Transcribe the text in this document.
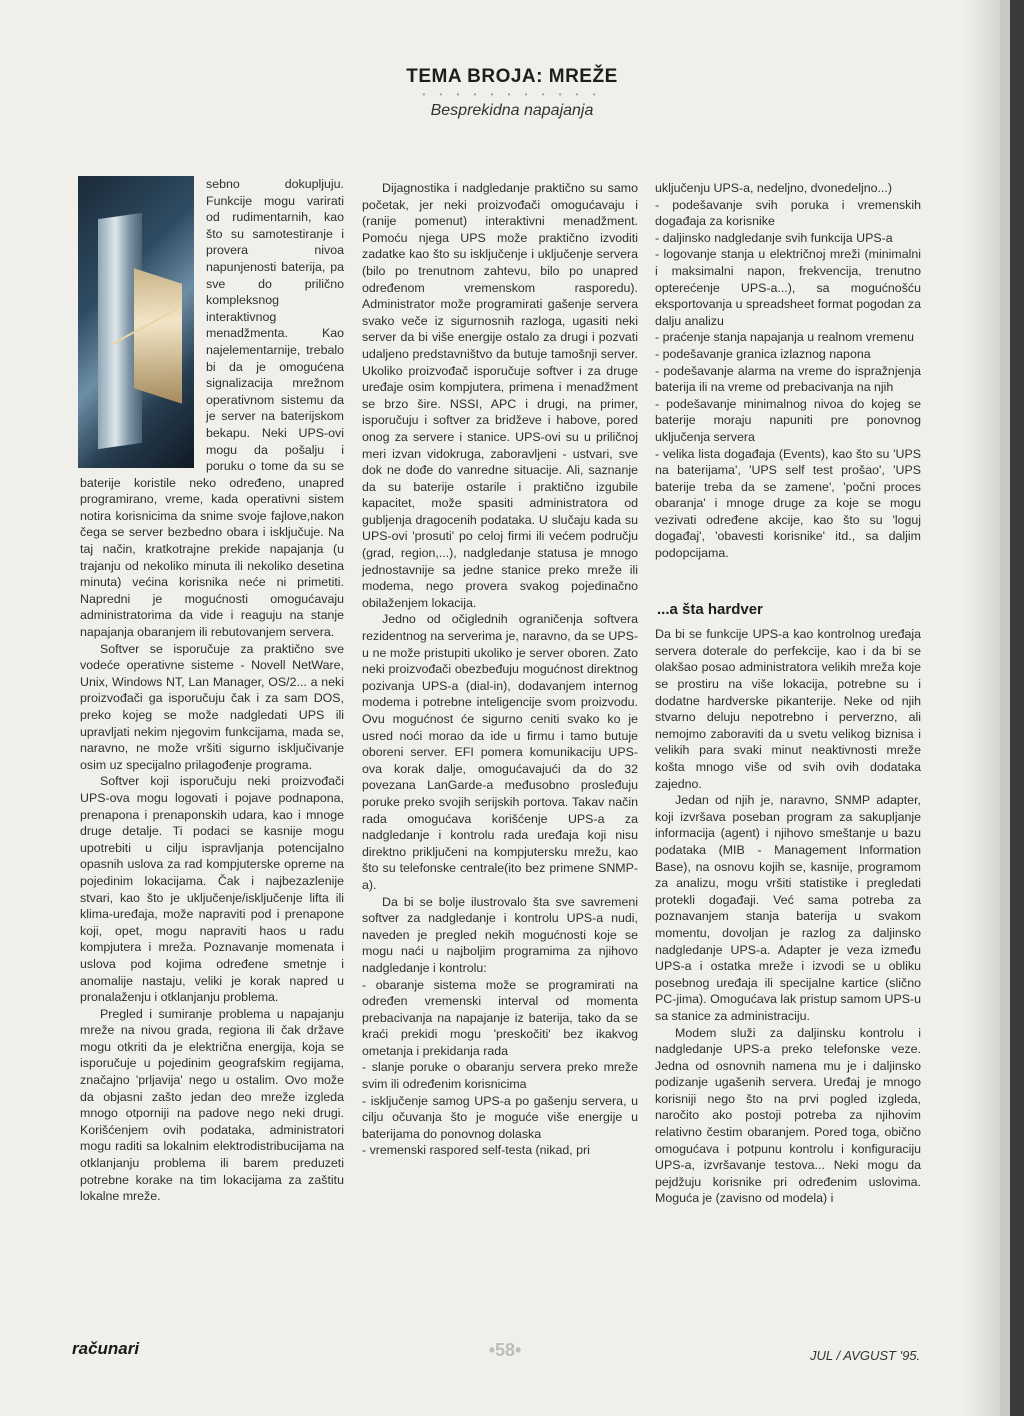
TEMA BROJA: MREŽE
• • • • • • • • • • •
Besprekidna napajanja

sebno dokupljuju. Funkcije mogu varirati od rudimentarnih, kao što su samotestiranje i provera nivoa napunjenosti baterija, pa sve do prilično kompleksnog interaktivnog menadžmenta. Kao najelementarnije, trebalo bi da je omogućena signalizacija mrežnom operativnom sistemu da je server na baterijskom bekapu. Neki UPS-ovi mogu da pošalju i poruku o tome da su se baterije koristile neko određeno, unapred programirano, vreme, kada operativni sistem notira korisnicima da snime svoje fajlove,nakon čega se server bezbedno obara i isključuje. Na taj način, kratkotrajne prekide napajanja (u trajanju od nekoliko minuta ili nekoliko desetina minuta) većina korisnika neće ni primetiti. Napredni je mogućnosti omogućavaju administratorima da vide i reaguju na stanje napajanja obaranjem ili rebutovanjem servera.

Softver se isporučuje za praktično sve vodeće operativne sisteme - Novell NetWare, Unix, Windows NT, Lan Manager, OS/2... a neki proizvođači ga isporučuju čak i za sam DOS, preko kojeg se može nadgledati UPS ili upravljati nekim njegovim funkcijama, mada se, naravno, ne može vršiti sigurno isključivanje osim uz specijalno prilagođenje programa.

Softver koji isporučuju neki proizvođači UPS-ova mogu logovati i pojave podnapona, prenapona i prenaponskih udara, kao i mnoge druge detalje. Ti podaci se kasnije mogu upotrebiti u cilju ispravljanja potencijalno opasnih uslova za rad kompjuterske opreme na pojedinim lokacijama. Čak i najbezazlenije stvari, kao što je uključenje/isključenje lifta ili klima-uređaja, može napraviti pod i prenapone koji, opet, mogu napraviti haos u radu kompjutera i mreža. Poznavanje momenata i uslova pod kojima određene smetnje i anomalije nastaju, veliki je korak napred u pronalaženju i otklanjanju problema.

Pregled i sumiranje problema u napajanju mreže na nivou grada, regiona ili čak države mogu otkriti da je električna energija, koja se isporučuje u pojedinim geografskim regijama, značajno 'prljavija' nego u ostalim. Ovo može da objasni zašto jedan deo mreže izgleda mnogo otporniji na padove nego neki drugi. Korišćenjem ovih podataka, administratori mogu raditi sa lokalnim elektrodistribucijama na otklanjanju problema ili barem preduzeti potrebne korake na tim lokacijama za zaštitu lokalne mreže.

Dijagnostika i nadgledanje praktično su samo početak, jer neki proizvođači omogućavaju i (ranije pomenut) interaktivni menadžment. Pomoću njega UPS može praktično izvoditi zadatke kao što su isključenje i uključenje servera (bilo po trenutnom zahtevu, bilo po unapred određenom vremenskom rasporedu). Administrator može programirati gašenje servera svako veče iz sigurnosnih razloga, ugasiti neki server da bi više energije ostalo za drugi i pozvati udaljeno predstavništvo da butuje tamošnji server. Ukoliko proizvođač isporučuje softver i za druge uređaje osim kompjutera, primena i menadžment se brzo šire. NSSI, APC i drugi, na primer, isporučuju i softver za bridževe i habove, pored onog za servere i stanice. UPS-ovi su u priličnoj meri izvan vidokruga, zaboravljeni - ustvari, sve dok ne dođe do vanredne situacije. Ali, saznanje da su baterije ostarile i praktično izgubile kapacitet, može spasiti administratora od gubljenja dragocenih podataka. U slučaju kada su UPS-ovi 'prosuti' po celoj firmi ili većem području (grad, region,...), nadgledanje statusa je mnogo jednostavnije sa jedne stanice preko mreže ili modema, nego provera svakog pojedinačno obilaženjem lokacija.

Jedno od očiglednih ograničenja softvera rezidentnog na serverima je, naravno, da se UPS-u ne može pristupiti ukoliko je server oboren. Zato neki proizvođači obezbeđuju mogućnost direktnog pozivanja UPS-a (dial-in), dodavanjem internog modema i potrebne inteligencije svom proizvodu. Ovu mogućnost će sigurno ceniti svako ko je usred noći morao da ide u firmu i tamo butuje oboreni server. EFI pomera komunikaciju UPS-ova korak dalje, omogućavajući da do 32 povezana LanGarde-a međusobno prosleđuju poruke preko svojih serijskih portova. Takav način rada omogućava korišćenje UPS-a za nadgledanje i kontrolu rada uređaja koji nisu direktno priključeni na kompjutersku mrežu, kao što su telefonske centrale(ito bez primene SNMP-a).

Da bi se bolje ilustrovalo šta sve savremeni softver za nadgledanje i kontrolu UPS-a nudi, naveden je pregled nekih mogućnosti koje se mogu naći u najboljim programima za njihovo nadgledanje i kontrolu:

- obaranje sistema može se programirati na određen vremenski interval od momenta prebacivanja na napajanje iz baterija, tako da se kraći prekidi mogu 'preskočiti' bez ikakvog ometanja i prekidanja rada

- slanje poruke o obaranju servera preko mreže svim ili određenim korisnicima

- isključenje samog UPS-a po gašenju servera, u cilju očuvanja što je moguće više energije u baterijama do ponovnog dolaska

- vremenski raspored self-testa (nikad, pri

uključenju UPS-a, nedeljno, dvonedeljno...)

- podešavanje svih poruka i vremenskih događaja za korisnike

- daljinsko nadgledanje svih funkcija UPS-a

- logovanje stanja u električnoj mreži (minimalni i maksimalni napon, frekvencija, trenutno opterećenje UPS-a...), sa mogućnošću eksportovanja u spreadsheet format pogodan za dalju analizu

- praćenje stanja napajanja u realnom vremenu

- podešavanje granica izlaznog napona

- podešavanje alarma na vreme do ispražnjenja baterija ili na vreme od prebacivanja na njih

- podešavanje minimalnog nivoa do kojeg se baterije moraju napuniti pre ponovnog uključenja servera

- velika lista događaja (Events), kao što su 'UPS na baterijama', 'UPS self test prošao', 'UPS baterije treba da se zamene', 'počni proces obaranja' i mnoge druge za koje se mogu vezivati određene akcije, kao što su 'loguj događaj', 'obavesti korisnike' itd., sa daljim podopcijama.

...a šta hardver

Da bi se funkcije UPS-a kao kontrolnog uređaja servera doterale do perfekcije, kao i da bi se olakšao posao administratora velikih mreža koje se prostiru na više lokacija, potrebne su i dodatne hardverske pikanterije. Neke od njih stvarno deluju nepotrebno i perverzno, ali nemojmo zaboraviti da u svetu velikog biznisa i velikih para svaki minut neaktivnosti mreže košta mnogo više od svih ovih dodataka zajedno.

Jedan od njih je, naravno, SNMP adapter, koji izvršava poseban program za sakupljanje informacija (agent) i njihovo smeštanje u bazu podataka (MIB - Management Information Base), na osnovu kojih se, kasnije, programom za analizu, mogu vršiti statistike i pregledati protekli događaji. Već sama potreba za poznavanjem stanja baterija u svakom momentu, dovoljan je razlog za daljinsko nadgledanje UPS-a. Adapter je veza između UPS-a i ostatka mreže i izvodi se u obliku posebnog uređaja ili specijalne kartice (slično PC-jima). Omogućava lak pristup samom UPS-u sa stanice za administraciju.

Modem služi za daljinsku kontrolu i nadgledanje UPS-a preko telefonske veze. Jedna od osnovnih namena mu je i daljinsko podizanje ugašenih servera. Uređaj je mnogo korisniji nego što na prvi pogled izgleda, naročito ako postoji potreba za njihovim relativno čestim obaranjem. Pored toga, obično omogućava i potpunu kontrolu i konfiguraciju UPS-a, izvršavanje testova... Neki mogu da pejdžuju korisnike pri određenim uslovima. Moguća je (zavisno od modela) i

računari	•58•	JUL / AVGUST '95.
